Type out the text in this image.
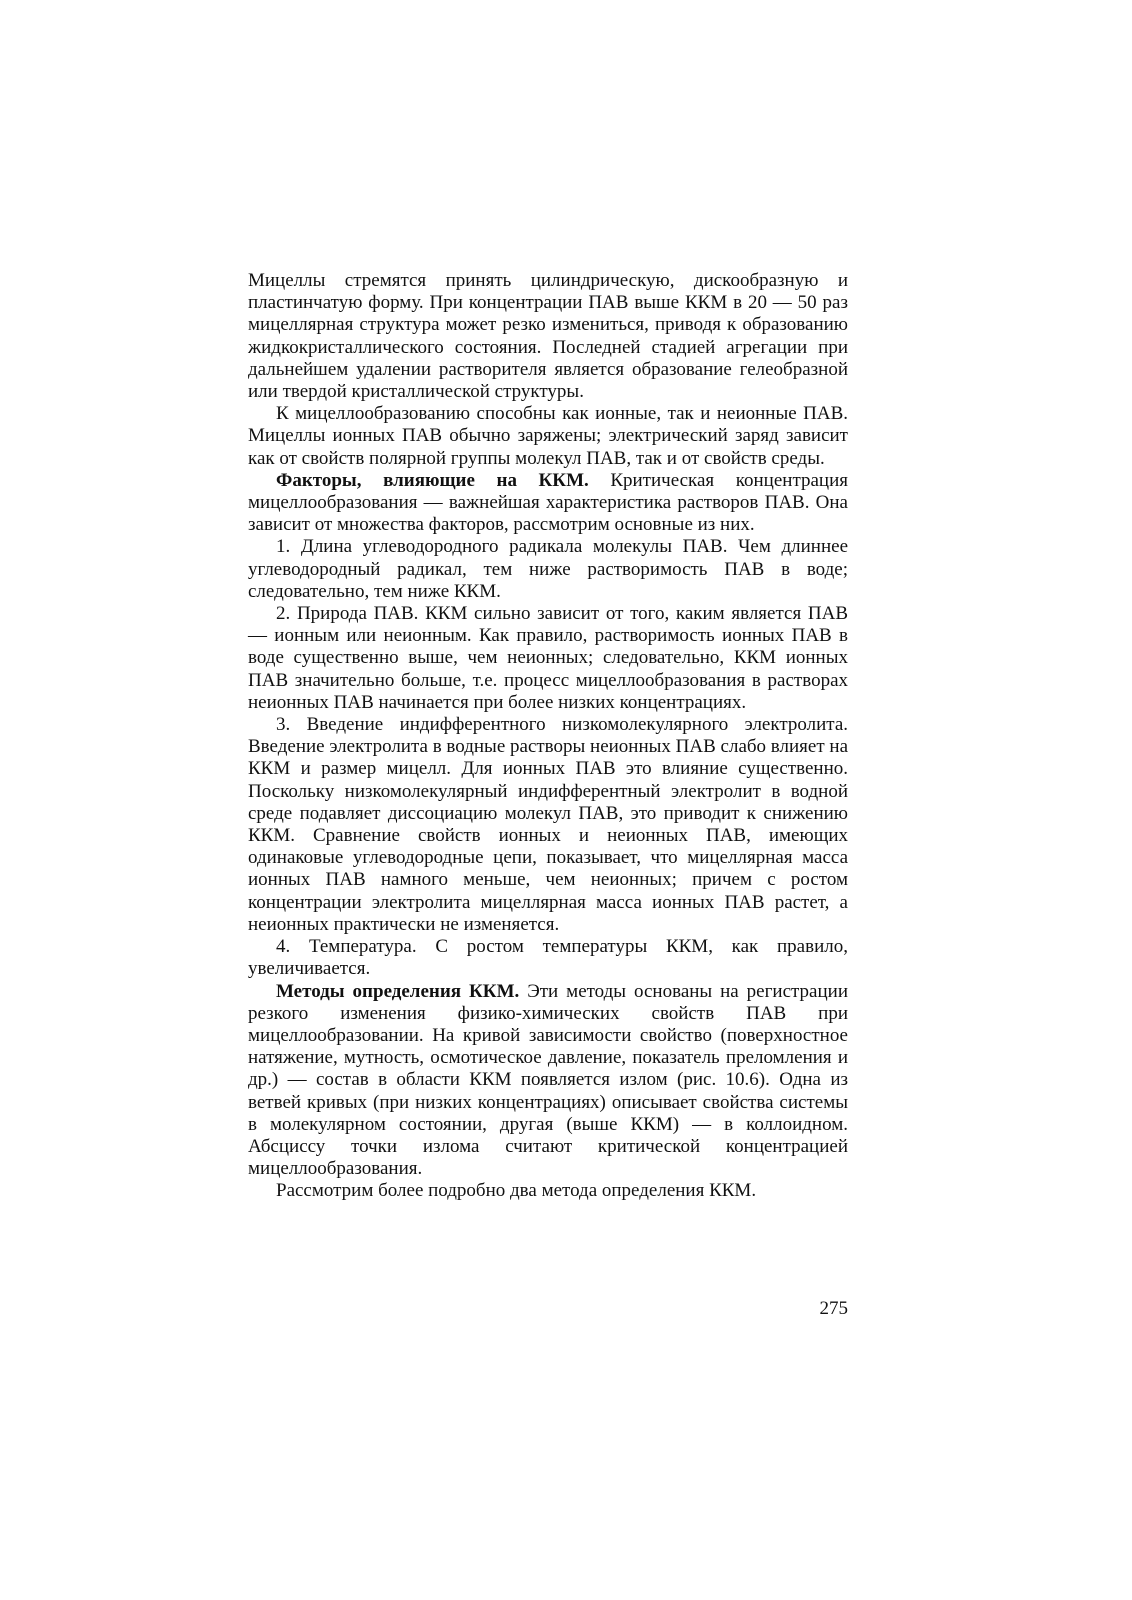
Мицеллы стремятся принять цилиндрическую, дискообразную и пластинчатую форму. При концентрации ПАВ выше ККМ в 20 — 50 раз мицеллярная структура может резко измениться, приводя к образованию жидкокристаллического состояния. Последней стадией агрегации при дальнейшем удалении растворителя является образование гелеобразной или твердой кристаллической структуры.

К мицеллообразованию способны как ионные, так и неионные ПАВ. Мицеллы ионных ПАВ обычно заряжены; электрический заряд зависит как от свойств полярной группы молекул ПАВ, так и от свойств среды.

Факторы, влияющие на ККМ. Критическая концентрация мицеллообразования — важнейшая характеристика растворов ПАВ. Она зависит от множества факторов, рассмотрим основные из них.

1. Длина углеводородного радикала молекулы ПАВ. Чем длиннее углеводородный радикал, тем ниже растворимость ПАВ в воде; следовательно, тем ниже ККМ.

2. Природа ПАВ. ККМ сильно зависит от того, каким является ПАВ — ионным или неионным. Как правило, растворимость ионных ПАВ в воде существенно выше, чем неионных; следовательно, ККМ ионных ПАВ значительно больше, т.е. процесс мицеллообразования в растворах неионных ПАВ начинается при более низких концентрациях.

3. Введение индифферентного низкомолекулярного электролита. Введение электролита в водные растворы неионных ПАВ слабо влияет на ККМ и размер мицелл. Для ионных ПАВ это влияние существенно. Поскольку низкомолекулярный индифферентный электролит в водной среде подавляет диссоциацию молекул ПАВ, это приводит к снижению ККМ. Сравнение свойств ионных и неионных ПАВ, имеющих одинаковые углеводородные цепи, показывает, что мицеллярная масса ионных ПАВ намного меньше, чем неионных; причем с ростом концентрации электролита мицеллярная масса ионных ПАВ растет, а неионных практически не изменяется.

4. Температура. С ростом температуры ККМ, как правило, увеличивается.

Методы определения ККМ. Эти методы основаны на регистрации резкого изменения физико-химических свойств ПАВ при мицеллообразовании. На кривой зависимости свойство (поверхностное натяжение, мутность, осмотическое давление, показатель преломления и др.) — состав в области ККМ появляется излом (рис. 10.6). Одна из ветвей кривых (при низких концентрациях) описывает свойства системы в молекулярном состоянии, другая (выше ККМ) — в коллоидном. Абсциссу точки излома считают критической концентрацией мицеллообразования.

Рассмотрим более подробно два метода определения ККМ.

275
